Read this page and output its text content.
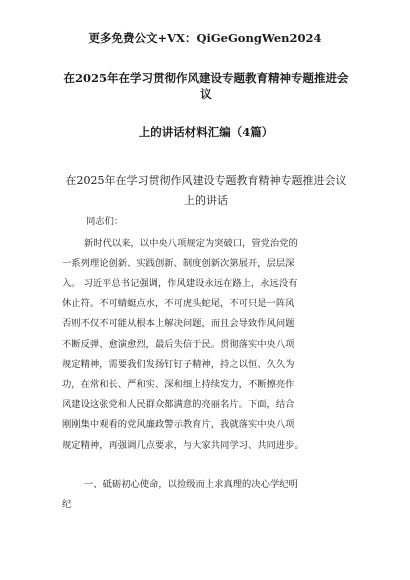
更多免费公文+VX：QiGeGongWen2024
在2025年在学习贯彻作风建设专题教育精神专题推进会议
上的讲话材料汇编（4篇）
在2025年在学习贯彻作风建设专题教育精神专题推进会议
上的讲话
同志们：
新时代以来，以中央八项规定为突破口，管党治党的
一系列理论创新、实践创新、制度创新次第展开，层层深
入。 习近平总书记强调，作风建设永远在路上，永远没有
休止符。不可蜻蜓点水，不可虎头蛇尾，不可只是一阵风
否则不仅不可能从根本上解决问题，而且会导致作风问题
不断反弹、愈演愈烈，最后失信于民。贯彻落实中央八项
规定精神，需要我们发扬钉钉子精神，持之以恒、久久为
功，在常和长、严和实、深和细上持续发力，不断擦亮作
风建设这张党和人民群众都满意的亮丽名片。下面，结合
刚刚集中观看的党风廉政警示教育片，我就落实中央八项
规定精神，再强调几点要求，与大家共同学习、共同进步。
一、砥砺初心使命，以捡级而上求真理的决心学纪明
纪
